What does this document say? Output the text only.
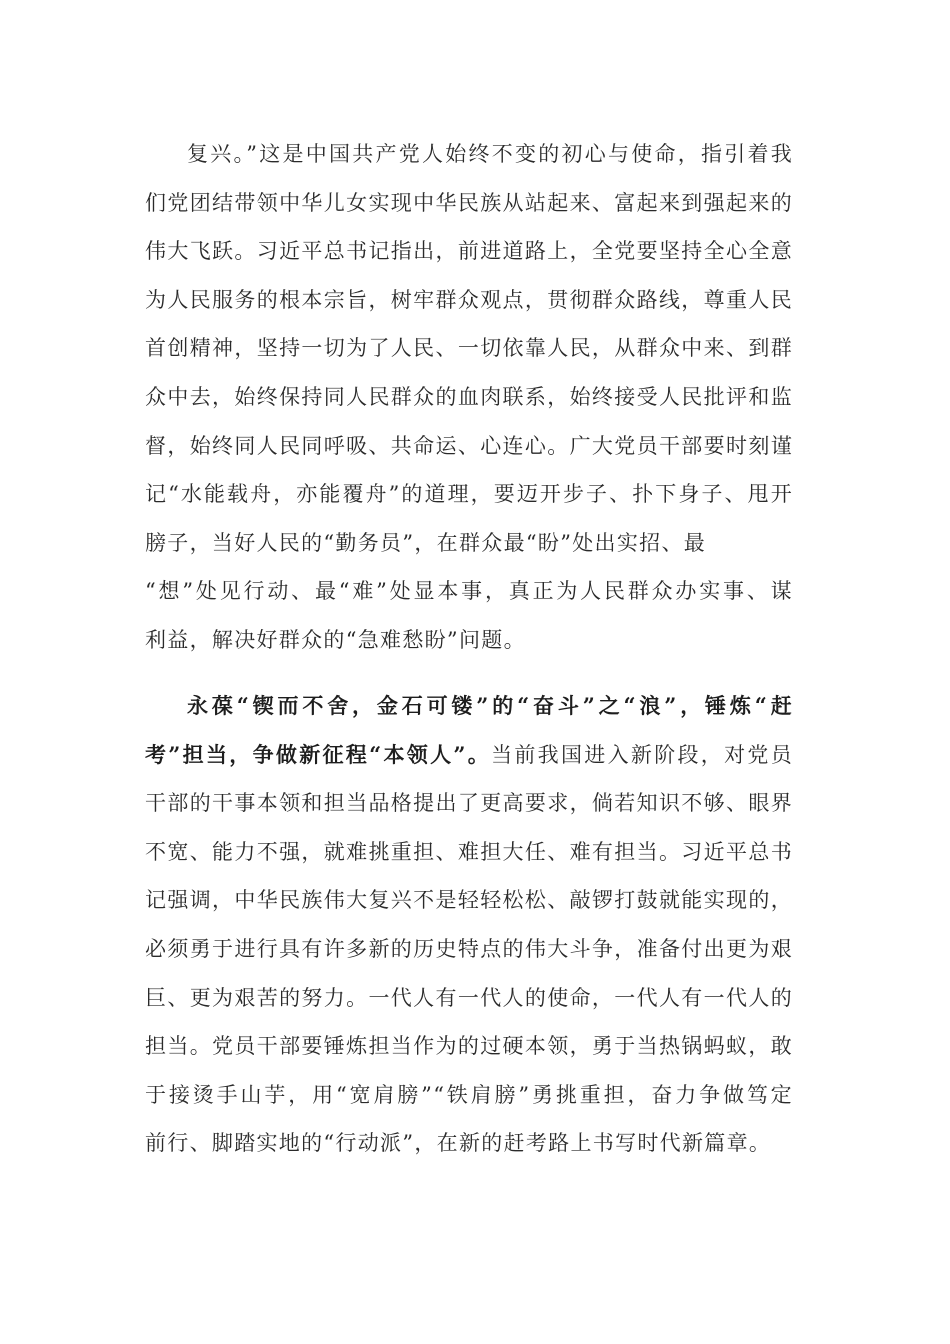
复兴。”这是中国共产党人始终不变的初心与使命，指引着我
们党团结带领中华儿女实现中华民族从站起来、富起来到强起来的
伟大飞跃。习近平总书记指出，前进道路上，全党要坚持全心全意
为人民服务的根本宗旨，树牢群众观点，贯彻群众路线，尊重人民
首创精神，坚持一切为了人民、一切依靠人民，从群众中来、到群
众中去，始终保持同人民群众的血肉联系，始终接受人民批评和监
督，始终同人民同呼吸、共命运、心连心。广大党员干部要时刻谨
记“水能载舟，亦能覆舟”的道理，要迈开步子、扑下身子、甩开
膀子，当好人民的“勤务员”，在群众最“盼”处出实招、最
“想”处见行动、最“难”处显本事，真正为人民群众办实事、谋
利益，解决好群众的“急难愁盼”问题。
永葆“锲而不舍，金石可镂”的“奋斗”之“浪”，锤炼“赶
考”担当，争做新征程“本领人”。当前我国进入新阶段，对党员
干部的干事本领和担当品格提出了更高要求，倘若知识不够、眼界
不宽、能力不强，就难挑重担、难担大任、难有担当。习近平总书
记强调，中华民族伟大复兴不是轻轻松松、敲锣打鼓就能实现的，
必须勇于进行具有许多新的历史特点的伟大斗争，准备付出更为艰
巨、更为艰苦的努力。一代人有一代人的使命，一代人有一代人的
担当。党员干部要锤炼担当作为的过硬本领，勇于当热锅蚂蚁，敢
于接烫手山芋，用“宽肩膀”“铁肩膀”勇挑重担，奋力争做笃定
前行、脚踏实地的“行动派”，在新的赶考路上书写时代新篇章。
